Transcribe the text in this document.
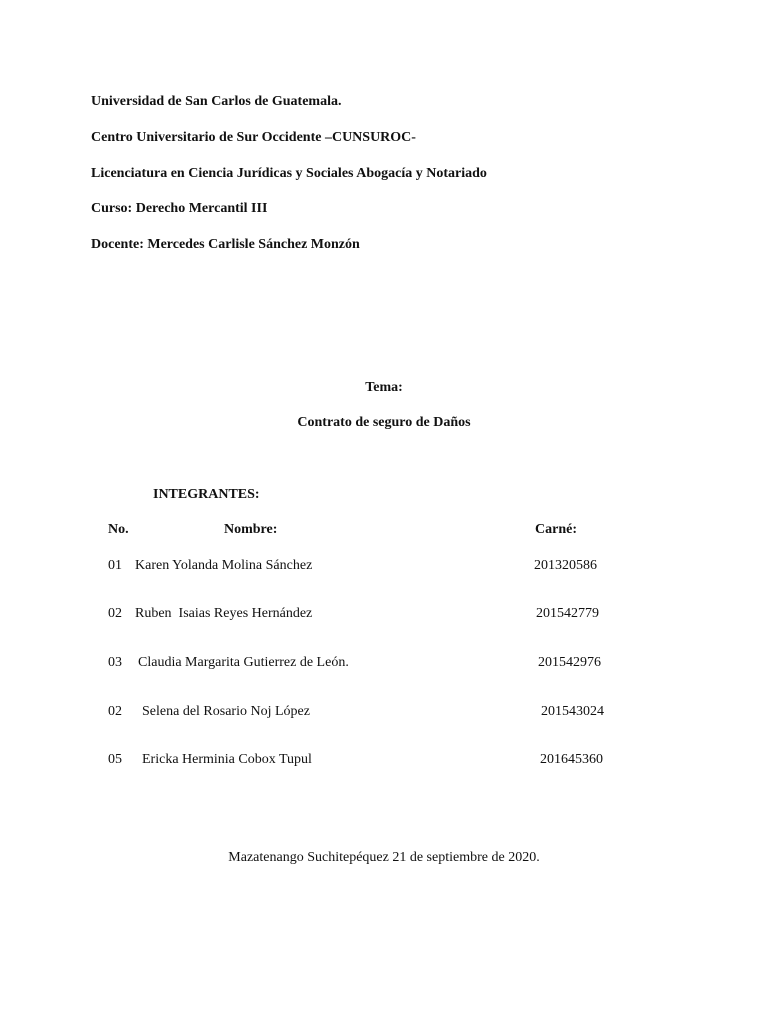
Universidad de San Carlos de Guatemala.
Centro Universitario de Sur Occidente –CUNSUROC-
Licenciatura en Ciencia Jurídicas y Sociales Abogacía y Notariado
Curso: Derecho Mercantil III
Docente: Mercedes Carlisle Sánchez Monzón
Tema:
Contrato de seguro de Daños
INTEGRANTES:
No.	Nombre:	Carné:
01 Karen Yolanda Molina Sánchez	201320586
02 Ruben  Isaias Reyes Hernández	201542779
03 Claudia Margarita Gutierrez de León.	201542976
02 Selena del Rosario Noj López	201543024
05 Ericka Herminia Cobox Tupul	201645360
Mazatenango Suchitepéquez 21 de septiembre de 2020.
